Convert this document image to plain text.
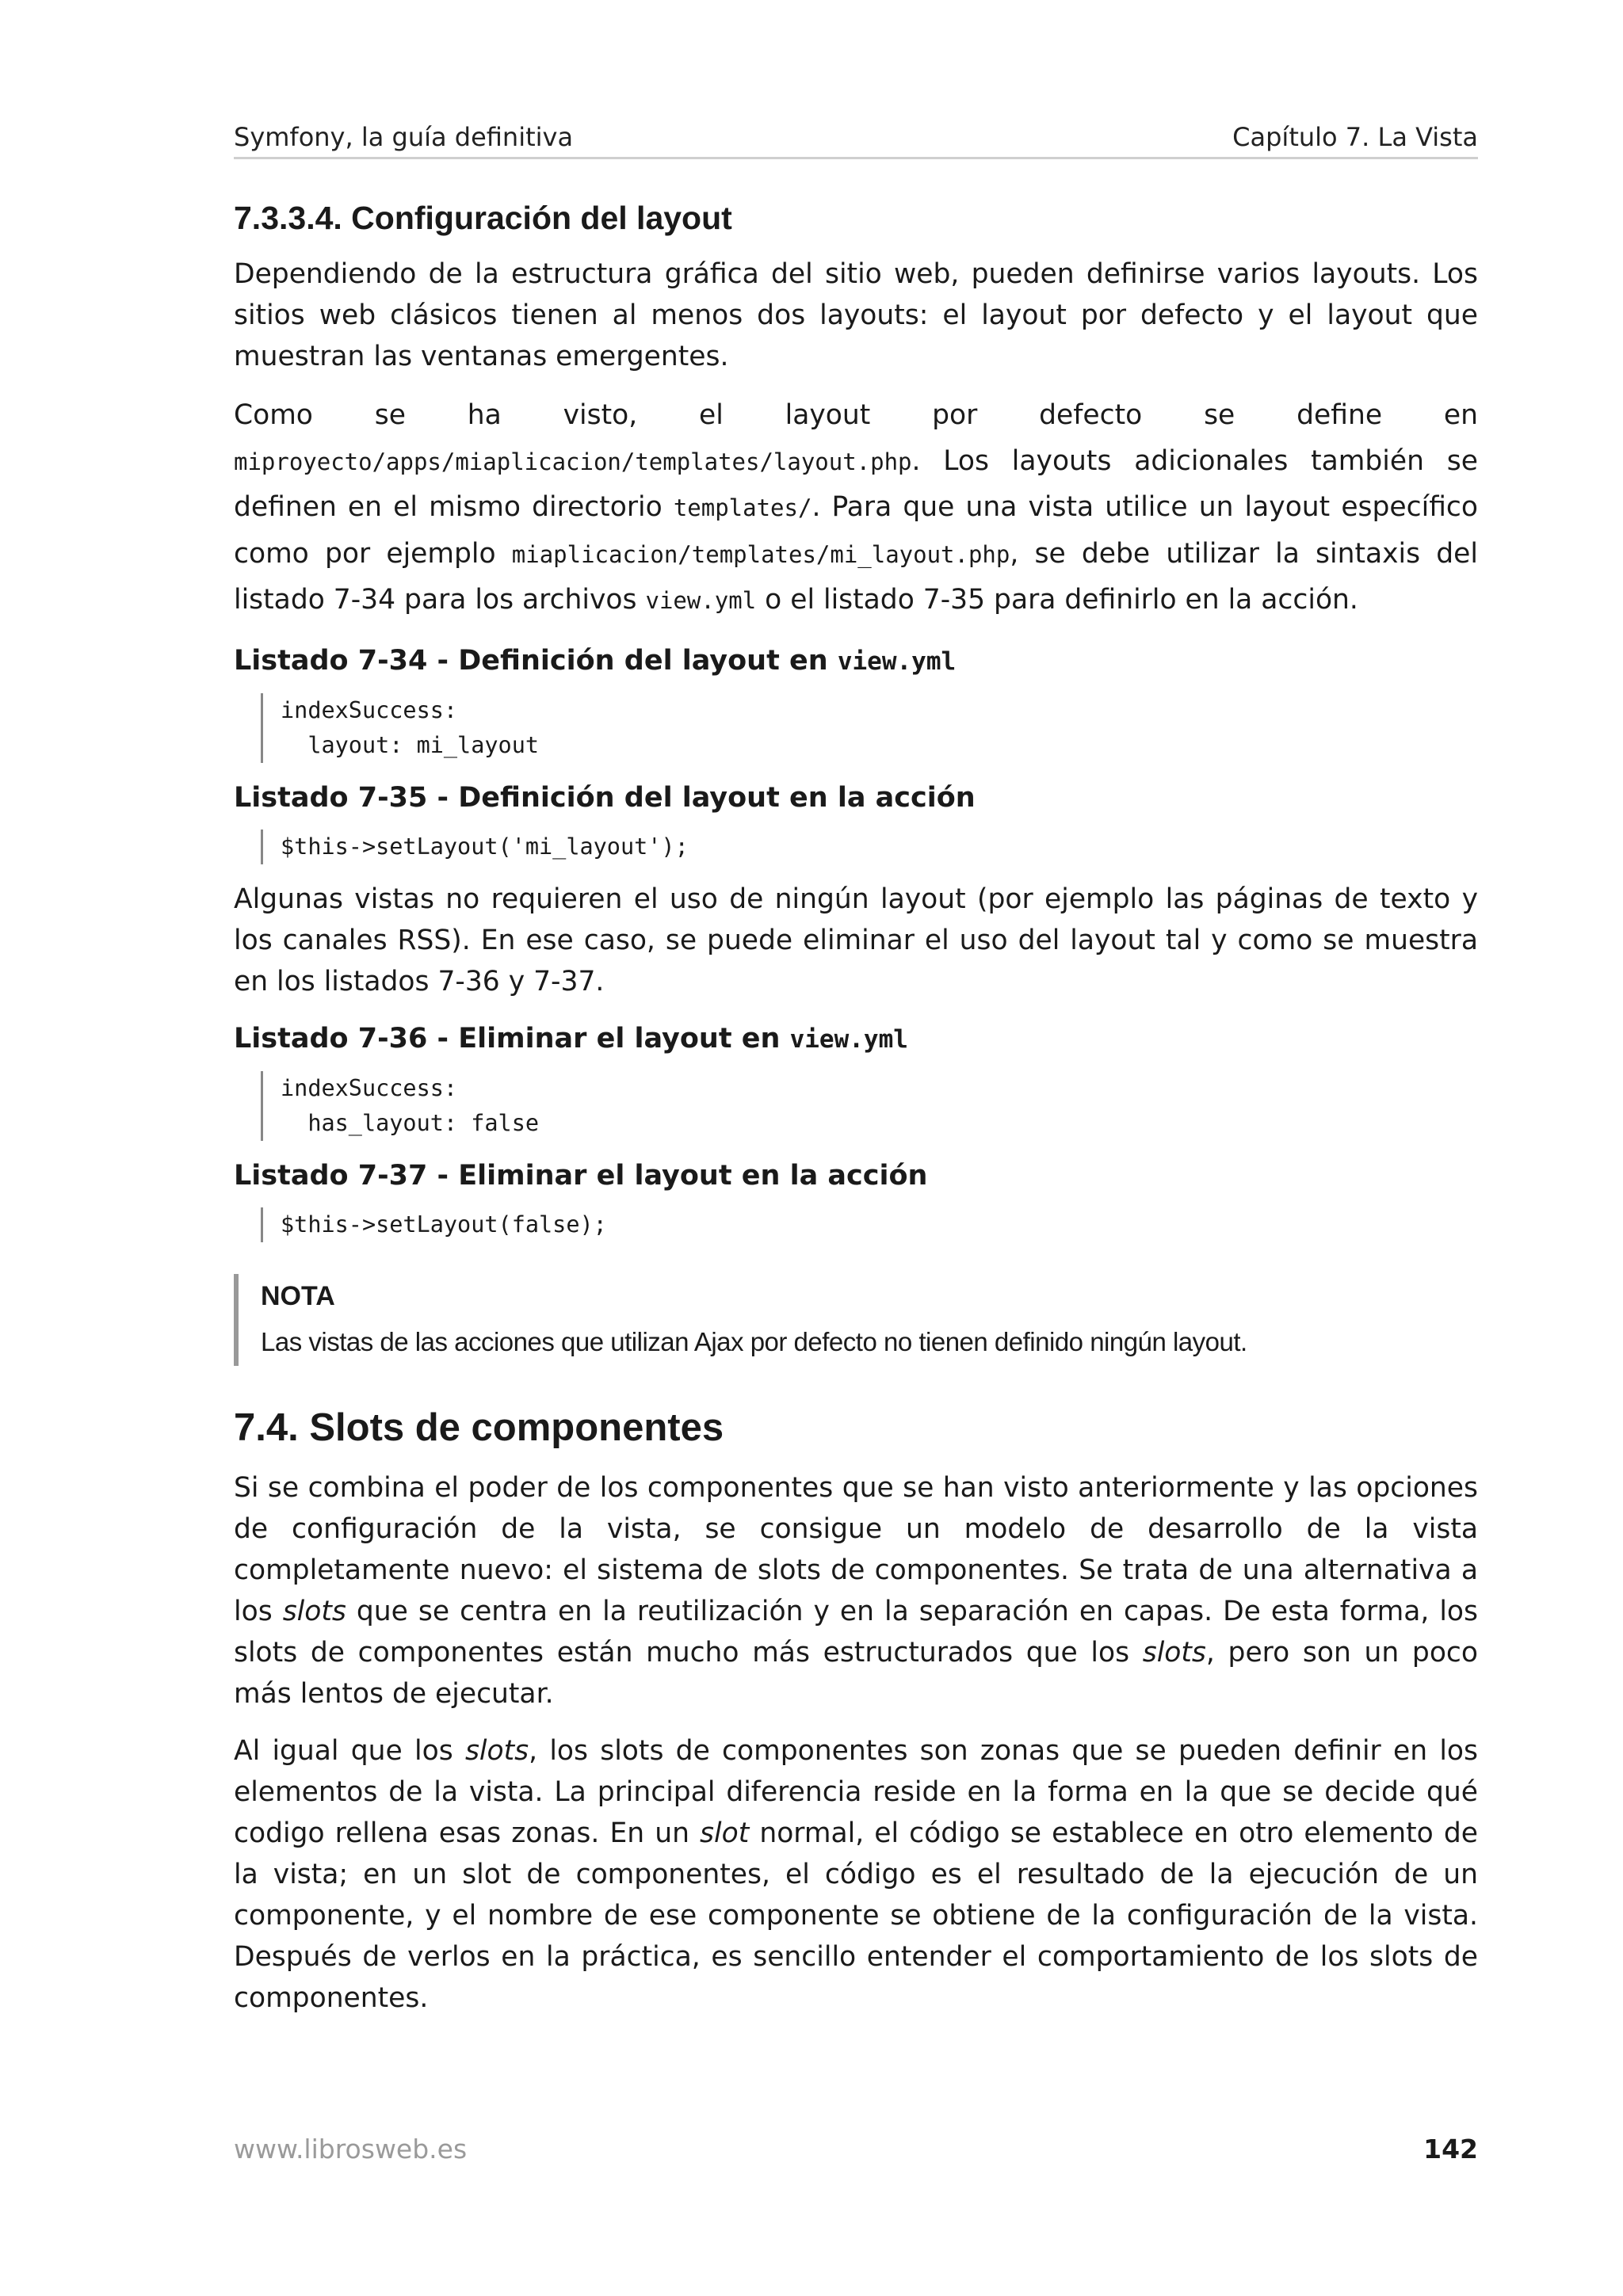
Symfony, la guía definitiva	Capítulo 7. La Vista
7.3.3.4. Configuración del layout

Dependiendo de la estructura gráfica del sitio web, pueden definirse varios layouts. Los sitios web clásicos tienen al menos dos layouts: el layout por defecto y el layout que muestran las ventanas emergentes.

Como se ha visto, el layout por defecto se define en miproyecto/apps/miaplicacion/templates/layout.php. Los layouts adicionales también se definen en el mismo directorio templates/. Para que una vista utilice un layout específico como por ejemplo miaplicacion/templates/mi_layout.php, se debe utilizar la sintaxis del listado 7-34 para los archivos view.yml o el listado 7-35 para definirlo en la acción.

Listado 7-34 - Definición del layout en view.yml
indexSuccess:
layout: mi_layout
Listado 7-35 - Definición del layout en la acción
$this->setLayout('mi_layout');

Algunas vistas no requieren el uso de ningún layout (por ejemplo las páginas de texto y los canales RSS). En ese caso, se puede eliminar el uso del layout tal y como se muestra en los listados 7-36 y 7-37.

Listado 7-36 - Eliminar el layout en view.yml
indexSuccess:
has_layout: false
Listado 7-37 - Eliminar el layout en la acción
$this->setLayout(false);
NOTA
Las vistas de las acciones que utilizan Ajax por defecto no tienen definido ningún layout.
7.4. Slots de componentes

Si se combina el poder de los componentes que se han visto anteriormente y las opciones de configuración de la vista, se consigue un modelo de desarrollo de la vista completamente nuevo: el sistema de slots de componentes. Se trata de una alternativa a los slots que se centra en la reutilización y en la separación en capas. De esta forma, los slots de componentes están mucho más estructurados que los slots, pero son un poco más lentos de ejecutar.

Al igual que los slots, los slots de componentes son zonas que se pueden definir en los elementos de la vista. La principal diferencia reside en la forma en la que se decide qué codigo rellena esas zonas. En un slot normal, el código se establece en otro elemento de la vista; en un slot de componentes, el código es el resultado de la ejecución de un componente, y el nombre de ese componente se obtiene de la configuración de la vista. Después de verlos en la práctica, es sencillo entender el comportamiento de los slots de componentes.

www.librosweb.es	142
